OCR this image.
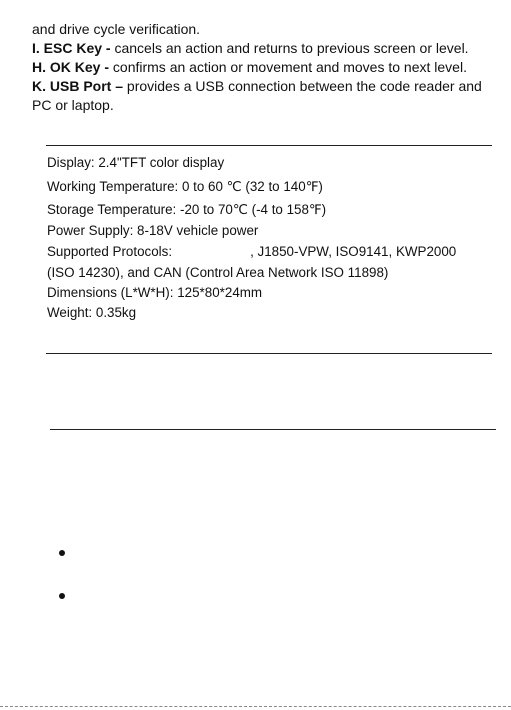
and drive cycle verification.
I. ESC Key - cancels an action and returns to previous screen or level.
H. OK Key - confirms an action or movement and moves to next level.
K. USB Port – provides a USB connection between the code reader and
PC or laptop.
Display: 2.4"TFT color display
Working Temperature: 0 to 60 ℃ (32 to 140℉)
Storage Temperature: -20 to 70℃ (-4 to 158℉)
Power Supply: 8-18V vehicle power
Supported Protocols:	, J1850-VPW, ISO9141, KWP2000
(ISO 14230), and CAN (Control Area Network ISO 11898)
Dimensions (L*W*H): 125*80*24mm
Weight: 0.35kg
